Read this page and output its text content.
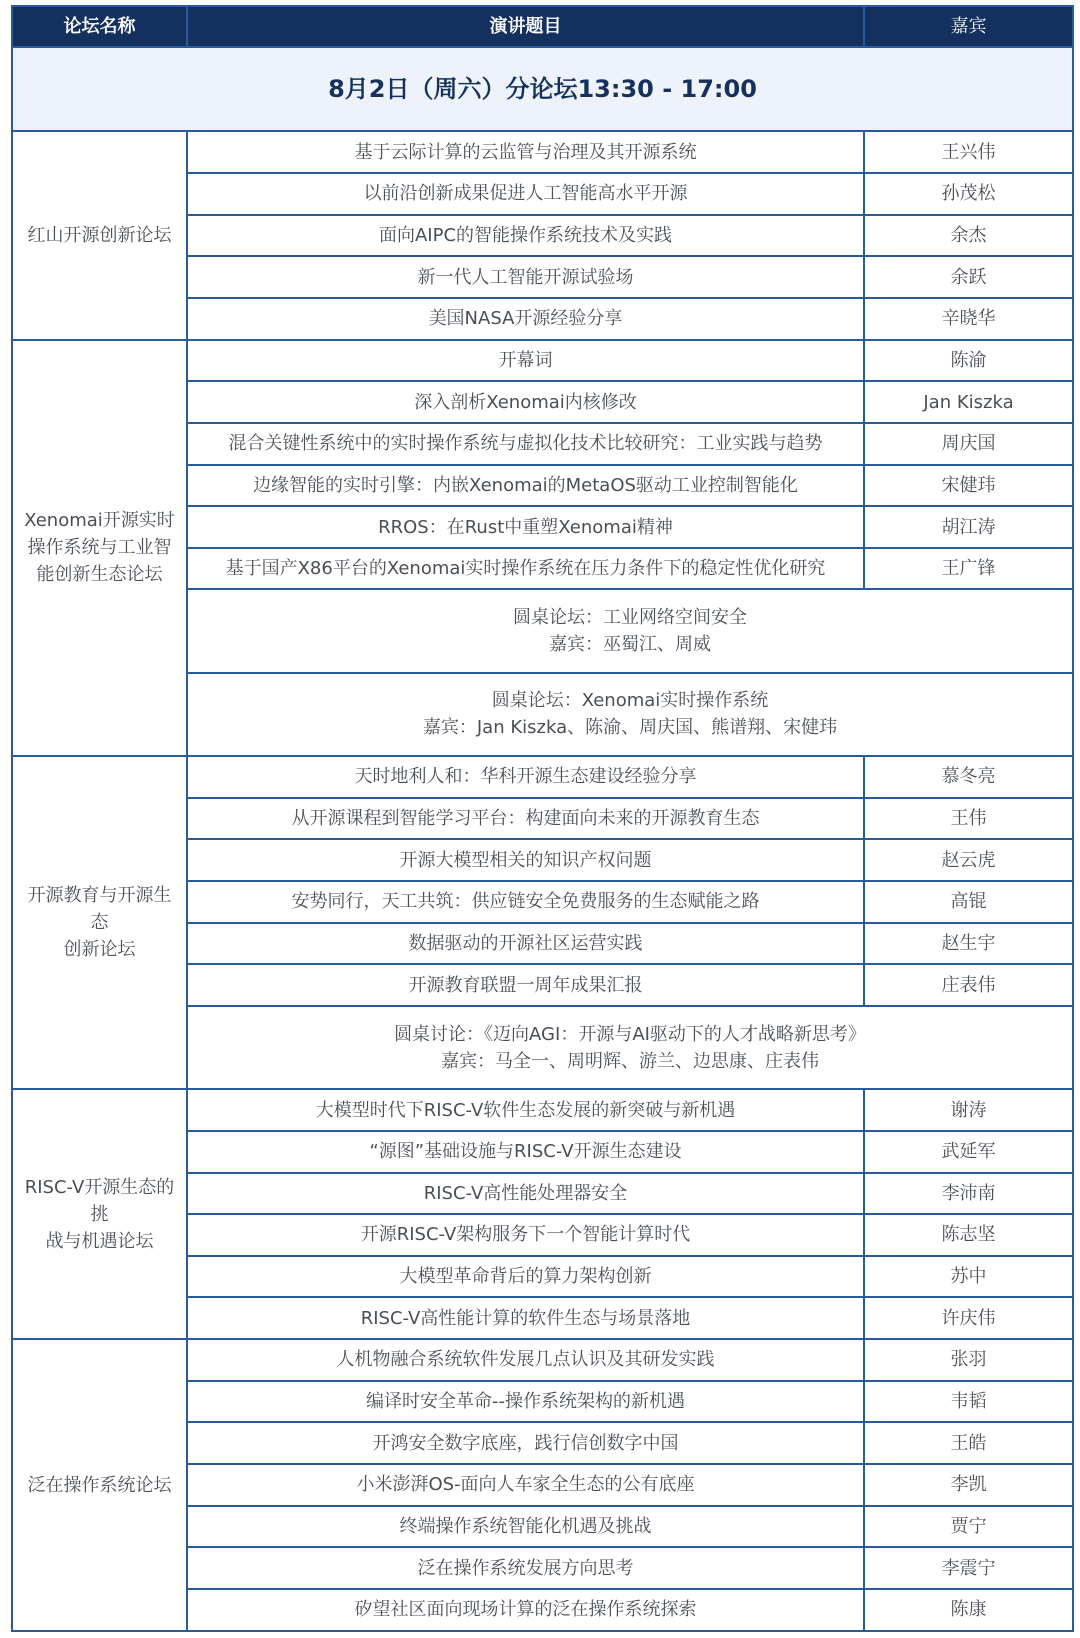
论坛名称	演讲题目	嘉宾
8月2日（周六）分论坛13:30 - 17:00		

红山开源创新论坛	基于云际计算的云监管与治理及其开源系统	王兴伟
	以前沿创新成果促进人工智能高水平开源	孙茂松
	面向AIPC的智能操作系统技术及实践	余杰
	新一代人工智能开源试验场	余跃
	美国NASA开源经验分享	辛晓华

Xenomai开源实时
操作系统与工业智
能创新生态论坛	开幕词	陈渝
	深入剖析Xenomai内核修改	Jan Kiszka
	混合关键性系统中的实时操作系统与虚拟化技术比较研究：工业实践与趋势	周庆国
	边缘智能的实时引擎：内嵌Xenomai的MetaOS驱动工业控制智能化	宋健玮
	RROS：在Rust中重塑Xenomai精神	胡江涛
	基于国产X86平台的Xenomai实时操作系统在压力条件下的稳定性优化研究	王广锋

	圆桌论坛：工业网络空间安全
嘉宾：巫蜀江、周威	

	圆桌论坛：Xenomai实时操作系统
嘉宾：Jan Kiszka、陈渝、周庆国、熊谱翔、宋健玮	

开源教育与开源生态
创新论坛	天时地利人和：华科开源生态建设经验分享	慕冬亮
	从开源课程到智能学习平台：构建面向未来的开源教育生态	王伟
	开源大模型相关的知识产权问题	赵云虎
	安势同行，天工共筑：供应链安全免费服务的生态赋能之路	高锟
	数据驱动的开源社区运营实践	赵生宇
	开源教育联盟一周年成果汇报	庄表伟

	圆桌讨论：《迈向AGI：开源与AI驱动下的人才战略新思考》
嘉宾：马全一、周明辉、游兰、边思康、庄表伟	

RISC-V开源生态的挑
战与机遇论坛	大模型时代下RISC-V软件生态发展的新突破与新机遇	谢涛
	“源图”基础设施与RISC-V开源生态建设	武延军
	RISC-V高性能处理器安全	李沛南
	开源RISC-V架构服务下一个智能计算时代	陈志坚
	大模型革命背后的算力架构创新	苏中
	RISC-V高性能计算的软件生态与场景落地	许庆伟

泛在操作系统论坛	人机物融合系统软件发展几点认识及其研发实践	张羽
	编译时安全革命--操作系统架构的新机遇	韦韬
	开鸿安全数字底座，践行信创数字中国	王皓
	小米澎湃OS-面向人车家全生态的公有底座	李凯
	终端操作系统智能化机遇及挑战	贾宁
	泛在操作系统发展方向思考	李震宁
	矽望社区面向现场计算的泛在操作系统探索	陈康
